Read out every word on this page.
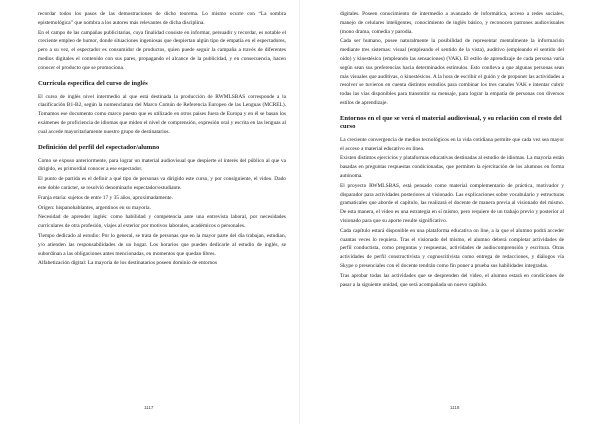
recordar todos los pasos de las demostraciones de dicho teorema. Lo mismo ocurre con “La sombra epistemológica” que nombra a los autores más relevantes de dicha disciplina.

En el campo de las campañas publicitarias, cuya finalidad consiste en informar, persuadir y recordar, es notable el creciente empleo de humor, donde situaciones ingeniosas que despiertan algún tipo de empatía en el espectadores, pero a su vez, el espectador es consumidor de productos, quien puede seguir la campaña a través de diferentes medios digitales el contenido con sus pares, propagando el alcance de la publicidad, y en consecuencia, hacen conocer el producto que se promociona.

Currícula específica del curso de inglés

El curso de inglés nivel intermedio al que está destinada la producción de RWMLSBAS corresponde a la clasificación B1-B2, según la nomenclatura del Marco Común de Referencia Europeo de las Lenguas (MCREL). Tomamos ese documento como marco puesto que es utilizado en otros países fuera de Europa y en él se basan los exámenes de proficiencia de idiomas que miden el nivel de comprensión, expresión oral y escrita en las lenguas al cual accede mayoritariamente nuestro grupo de destinatarios.

Definición del perfil del espectador/alumno

Como se expuso anteriormente, para lograr un material audiovisual que despierte el interés del público al que va dirigido, es primordial conocer a ese espectador.

El punto de partida es el definir a qué tipo de personas va dirigido este curso, y por consiguiente, el video. Dado este doble carácter, se resolvió denominarlo espectador/estudiante.

Franja etaria: sujetos de entre 17 y 35 años, aproximadamente.

Origen: hispanohablantes, argentinos en su mayoría.

Necesidad de aprender inglés: como habilidad y competencia ante una entrevista laboral, por necesidades curriculares de otra profesión, viajes al exterior por motivos laborales, académicos o personales.

Tiempo dedicado al estudio: Por lo general, se trata de personas que en la mayor parte del día trabajan, estudian, y/o atienden las responsabilidades de un hogar. Los horarios que pueden dedicarle al estudio de inglés, se subordinan a las obligaciones antes mencionadas, en momentos que quedan libres.

Alfabetización digital: La mayoría de los destinatarios poseen dominio de entornos

1117

digitales. Poseen conocimiento de intermedio a avanzado de informática, acceso a redes sociales, manejo de celulares inteligentes, conocimiento de inglés básico, y reconocen patrones audiovisuales (mono drama, comedia y parodia.

Cada ser humano, posee naturalmente la posibilidad de representar mentalmente la información mediante tres sistemas: visual (empleando el sentido de la vista), auditivo (empleando el sentido del oído) y kinestésico (empleando las sensaciones) (VAK). El estilo de aprendizaje de cada persona varía según sean sus preferencias hacia determinados estímulos. Esto conlleva a que algunas personas sean más visuales que auditivas, o kinestésicos. A la hora de escribir el guión y de proponer las actividades a resolver se tuvieron en cuenta distintos estudios para combinar los tres canales VAK e intentar cubrir todas las vías disponibles para transmitir su mensaje, para lograr la empatía de personas con diversos estilos de aprendizaje.

Entornos en el que se verá el material audiovisual, y su relación con el resto del curso

La creciente convergencia de medios tecnológicos en la vida cotidiana permite que cada vez sea mayor el acceso a material educativo en línea.

Existen distintos ejercicios y plataformas educativas destinadas al estudio de idiomas. La mayoría están basadas en preguntas respuestas condicionadas, que permiten la ejercitación de los alumnos en forma autónoma.

El proyecto RWMLSBAS, está pensado como material complementario de práctica, motivador y disparador para actividades posteriores al visionado. Las explicaciones sobre vocabulario y estructuras gramaticales que aborde el capítulo, las realizará el docente de manera previa al visionado del mismo. De esta manera, el video es una estrategia en sí mismo, pero requiere de un trabajo previo y posterior al visionado para que su aporte resulte significativo.

Cada capítulo estará disponible en una plataforma educativa on line, a la que el alumno podrá acceder cuantas veces lo requiera. Tras el visionado del mismo, el alumno deberá completar actividades de perfil conductista, como preguntas y respuestas, actividades de audiocomprensión y escritura. Otras actividades de perfil constructivista y cognoscitivista como entrega de redacciones, y diálogos vía Skype o presenciales con el docente tendrán como fin poner a prueba sus habilidades integradas.

Tras aprobar todas las actividades que se desprenden del video, el alumno estará en condiciones de pasar a la siguiente unidad, que será acompañada un nuevo capítulo.

1118
